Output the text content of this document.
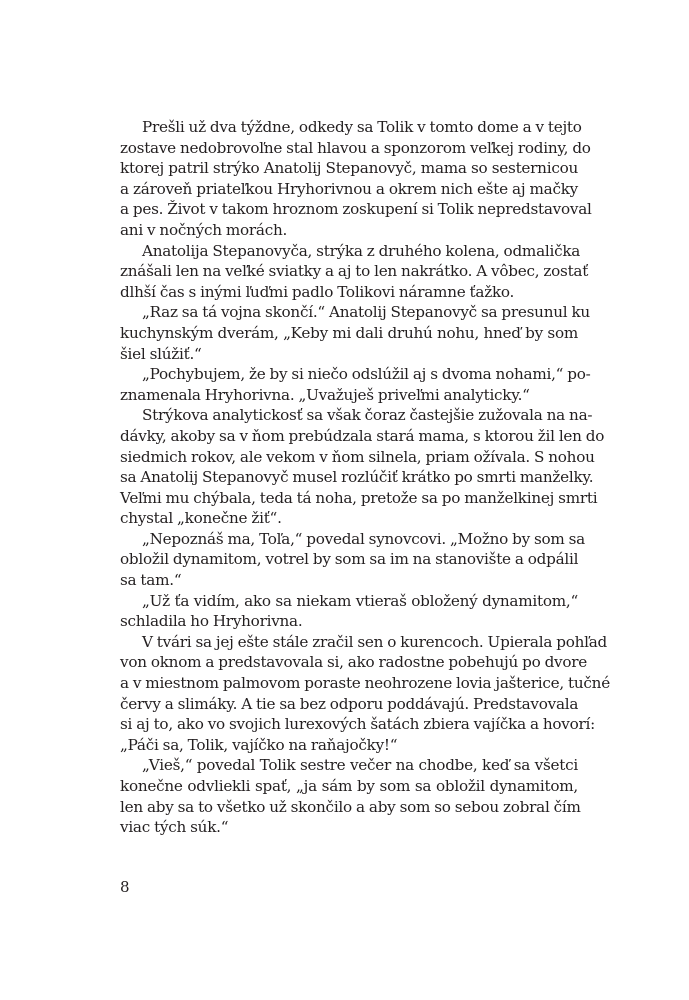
Prešli už dva týždne, odkedy sa Tolik v tomto dome a v tejto
zostave nedobrovoľne stal hlavou a sponzorom veľkej rodiny, do
ktorej patril strýko Anatolij Stepanovyč, mama so sesternicou
a zároveň priateľkou Hryhorivnou a okrem nich ešte aj mačky
a pes. Život v takom hroznom zoskupení si Tolik nepredstavoval
ani v nočných morách.
Anatolija Stepanovyča, strýka z druhého kolena, odmalička
znášali len na veľké sviatky a aj to len nakrátko. A vôbec, zostať
dlhší čas s inými ľuďmi padlo Tolikovi náramne ťažko.
„Raz sa tá vojna skončí.“ Anatolij Stepanovyč sa presunul ku
kuchynským dverám, „Keby mi dali druhú nohu, hneď by som
šiel slúžiť.“
„Pochybujem, že by si niečo odslúžil aj s dvoma nohami,“ po-
znamenala Hryhorivna. „Uvažuješ priveľmi analyticky.“
Strýkova analytickosť sa však čoraz častejšie zužovala na na-
dávky, akoby sa v ňom prebúdzala stará mama, s ktorou žil len do
siedmich rokov, ale vekom v ňom silnela, priam ožívala. S nohou
sa Anatolij Stepanovyč musel rozlúčiť krátko po smrti manželky.
Veľmi mu chýbala, teda tá noha, pretože sa po manželkinej smrti
chystal „konečne žiť“.
„Nepoznáš ma, Toľa,“ povedal synovcovi. „Možno by som sa
obložil dynamitom, votrel by som sa im na stanovište a odpálil
sa tam.“
„Už ťa vidím, ako sa niekam vtieraš obložený dynamitom,“
schladila ho Hryhorivna.
V tvári sa jej ešte stále zračil sen o kurencoch. Upierala pohľad
von oknom a predstavovala si, ako radostne pobehujú po dvore
a v miestnom palmovom poraste neohrozene lovia jašterice, tučné
červy a slimáky. A tie sa bez odporu poddávajú. Predstavovala
si aj to, ako vo svojich lurexových šatách zbiera vajíčka a hovorí:
„Páči sa, Tolik, vajíčko na raňajočky!“
„Vieš,“ povedal Tolik sestre večer na chodbe, keď sa všetci
konečne odvliekli spať, „ja sám by som sa obložil dynamitom,
len aby sa to všetko už skončilo a aby som so sebou zobral čím
viac tých súk.“
8
